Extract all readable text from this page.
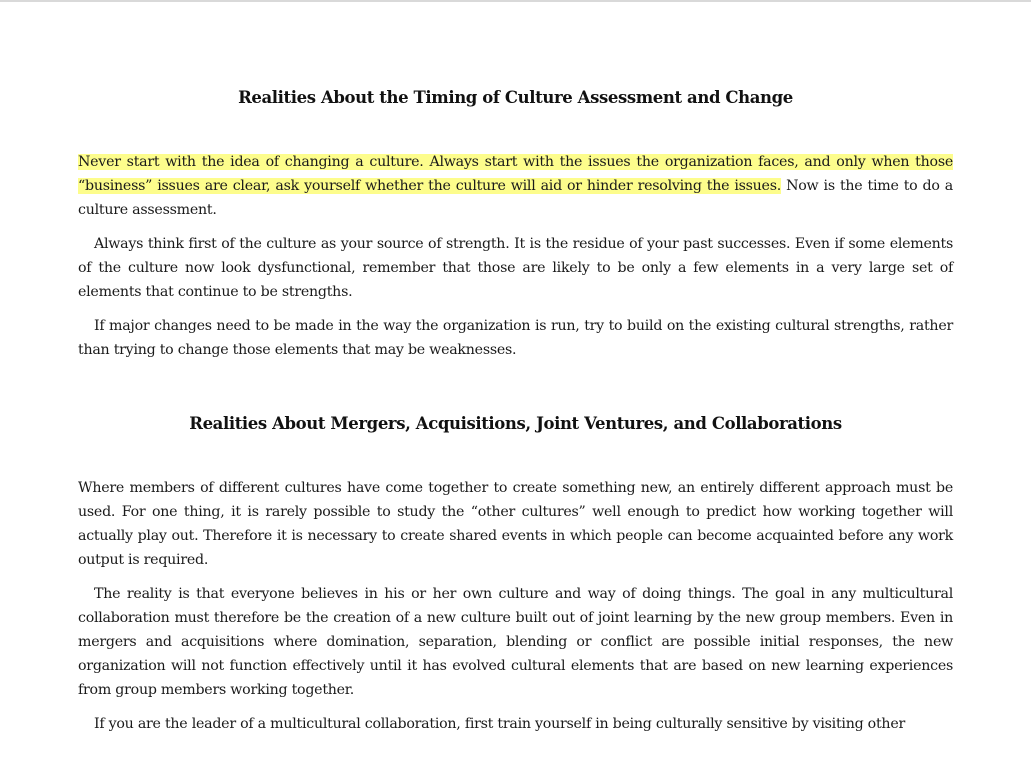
Realities About the Timing of Culture Assessment and Change

Never start with the idea of changing a culture. Always start with the issues the organization faces, and only when those “business” issues are clear, ask yourself whether the culture will aid or hinder resolving the issues. Now is the time to do a culture assessment.

Always think first of the culture as your source of strength. It is the residue of your past successes. Even if some elements of the culture now look dysfunctional, remember that those are likely to be only a few elements in a very large set of elements that continue to be strengths.

If major changes need to be made in the way the organization is run, try to build on the existing cultural strengths, rather than trying to change those elements that may be weaknesses.

Realities About Mergers, Acquisitions, Joint Ventures, and Collaborations

Where members of different cultures have come together to create something new, an entirely different approach must be used. For one thing, it is rarely possible to study the “other cultures” well enough to predict how working together will actually play out. Therefore it is necessary to create shared events in which people can become acquainted before any work output is required.

The reality is that everyone believes in his or her own culture and way of doing things. The goal in any multicultural collaboration must therefore be the creation of a new culture built out of joint learning by the new group members. Even in mergers and acquisitions where domination, separation, blending or conflict are possible initial responses, the new organization will not function effectively until it has evolved cultural elements that are based on new learning experiences from group members working together.

If you are the leader of a multicultural collaboration, first train yourself in being culturally sensitive by visiting other
